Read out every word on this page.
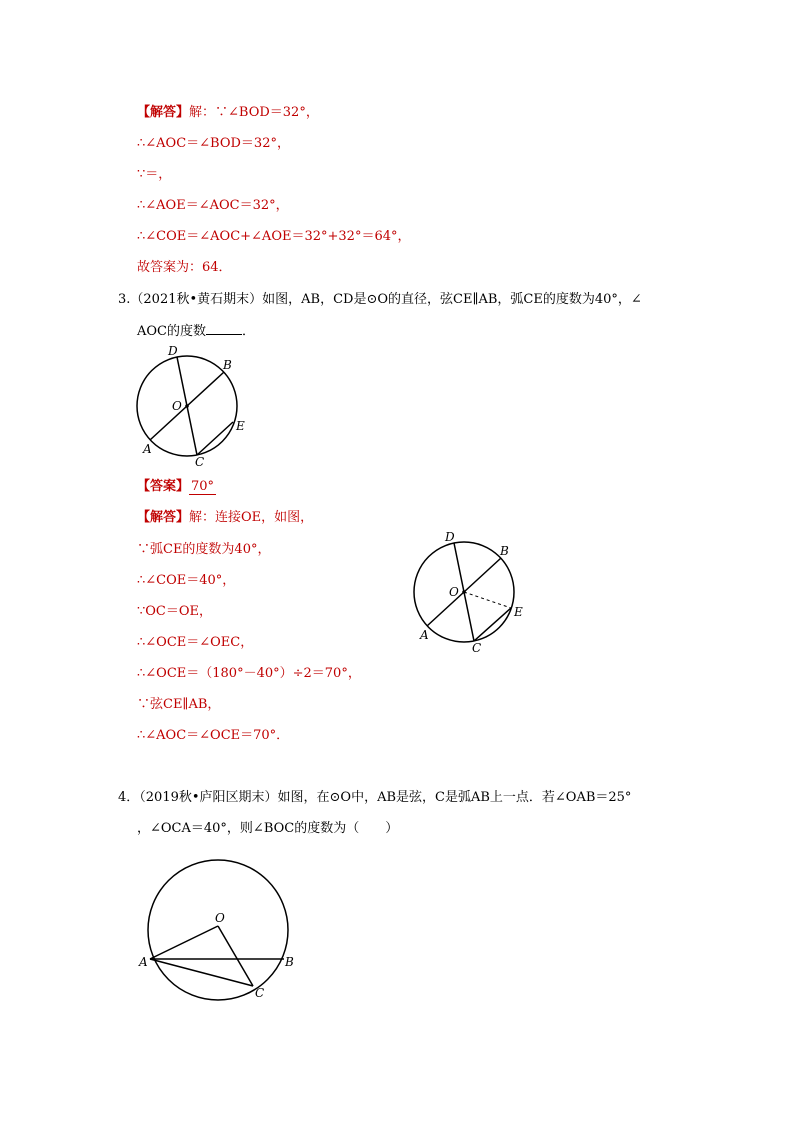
【解答】解：∵∠BOD＝32°，
∴∠AOC＝∠BOD＝32°，
∵＝，
∴∠AOE＝∠AOC＝32°，
∴∠COE＝∠AOC+∠AOE＝32°+32°＝64°，
故答案为：64．
3.（2021秋•黄石期末）如图，AB，CD是⊙O的直径，弦CE∥AB，弧CE的度数为40°，∠
AOC的度数	．
D
B
O
E
A
C
【答案】 70°
【解答】解：连接OE，如图，
∵弧CE的度数为40°，
∴∠COE＝40°，
∵OC＝OE，
∴∠OCE＝∠OEC，
∴∠OCE＝（180°－40°）÷2＝70°，
∵弦CE∥AB，
∴∠AOC＝∠OCE＝70°．
D
B
O
E
A
C
4．（2019秋•庐阳区期末）如图，在⊙O中，AB是弦，C是弧AB上一点．若∠OAB＝25°
，∠OCA＝40°，则∠BOC的度数为（　　）
O
A	B
C
